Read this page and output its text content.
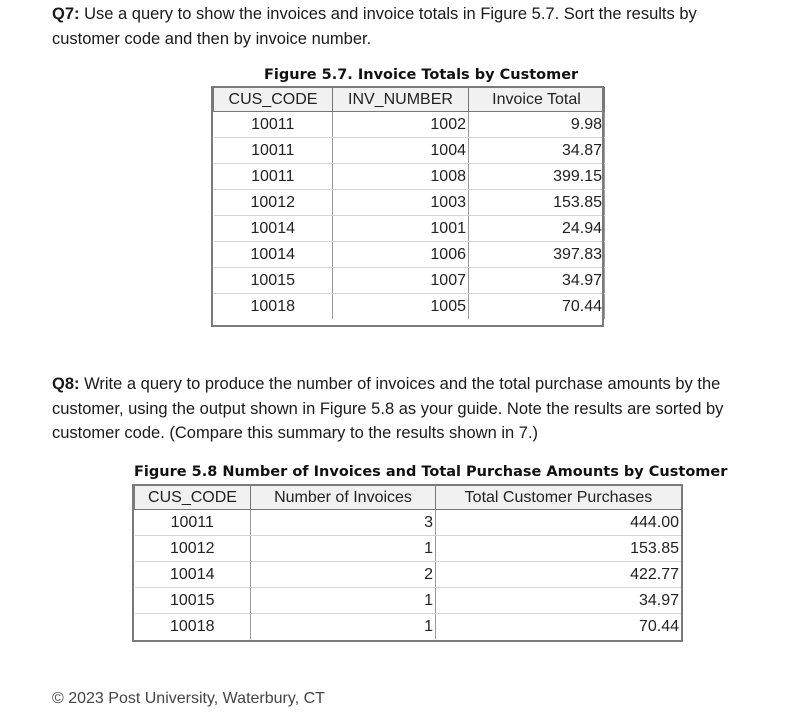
Q7: Use a query to show the invoices and invoice totals in Figure 5.7. Sort the results by customer code and then by invoice number.
Figure 5.7. Invoice Totals by Customer
CUS_CODE	INV_NUMBER	Invoice Total
10011	1002	9.98
10011	1004	34.87
10011	1008	399.15
10012	1003	153.85
10014	1001	24.94
10014	1006	397.83
10015	1007	34.97
10018	1005	70.44
Q8: Write a query to produce the number of invoices and the total purchase amounts by the customer, using the output shown in Figure 5.8 as your guide. Note the results are sorted by customer code. (Compare this summary to the results shown in 7.)
Figure 5.8 Number of Invoices and Total Purchase Amounts by Customer
CUS_CODE	Number of Invoices	Total Customer Purchases
10011	3	444.00
10012	1	153.85
10014	2	422.77
10015	1	34.97
10018	1	70.44
© 2023 Post University, Waterbury, CT
